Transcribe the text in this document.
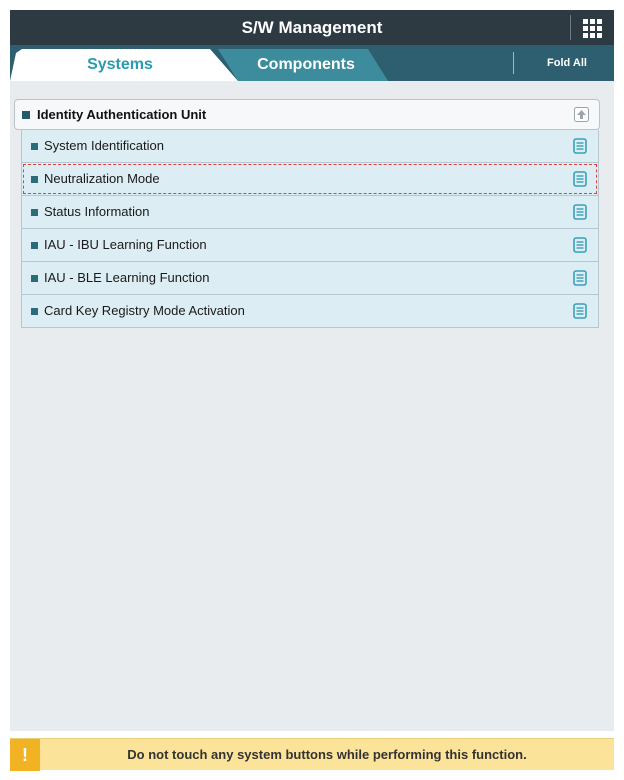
S/W Management
Components
Systems	Fold All
Identity Authentication Unit
System Identification
Neutralization Mode
Status Information
IAU - IBU Learning Function
IAU - BLE Learning Function
Card Key Registry Mode Activation
!	Do not touch any system buttons while performing this function.
